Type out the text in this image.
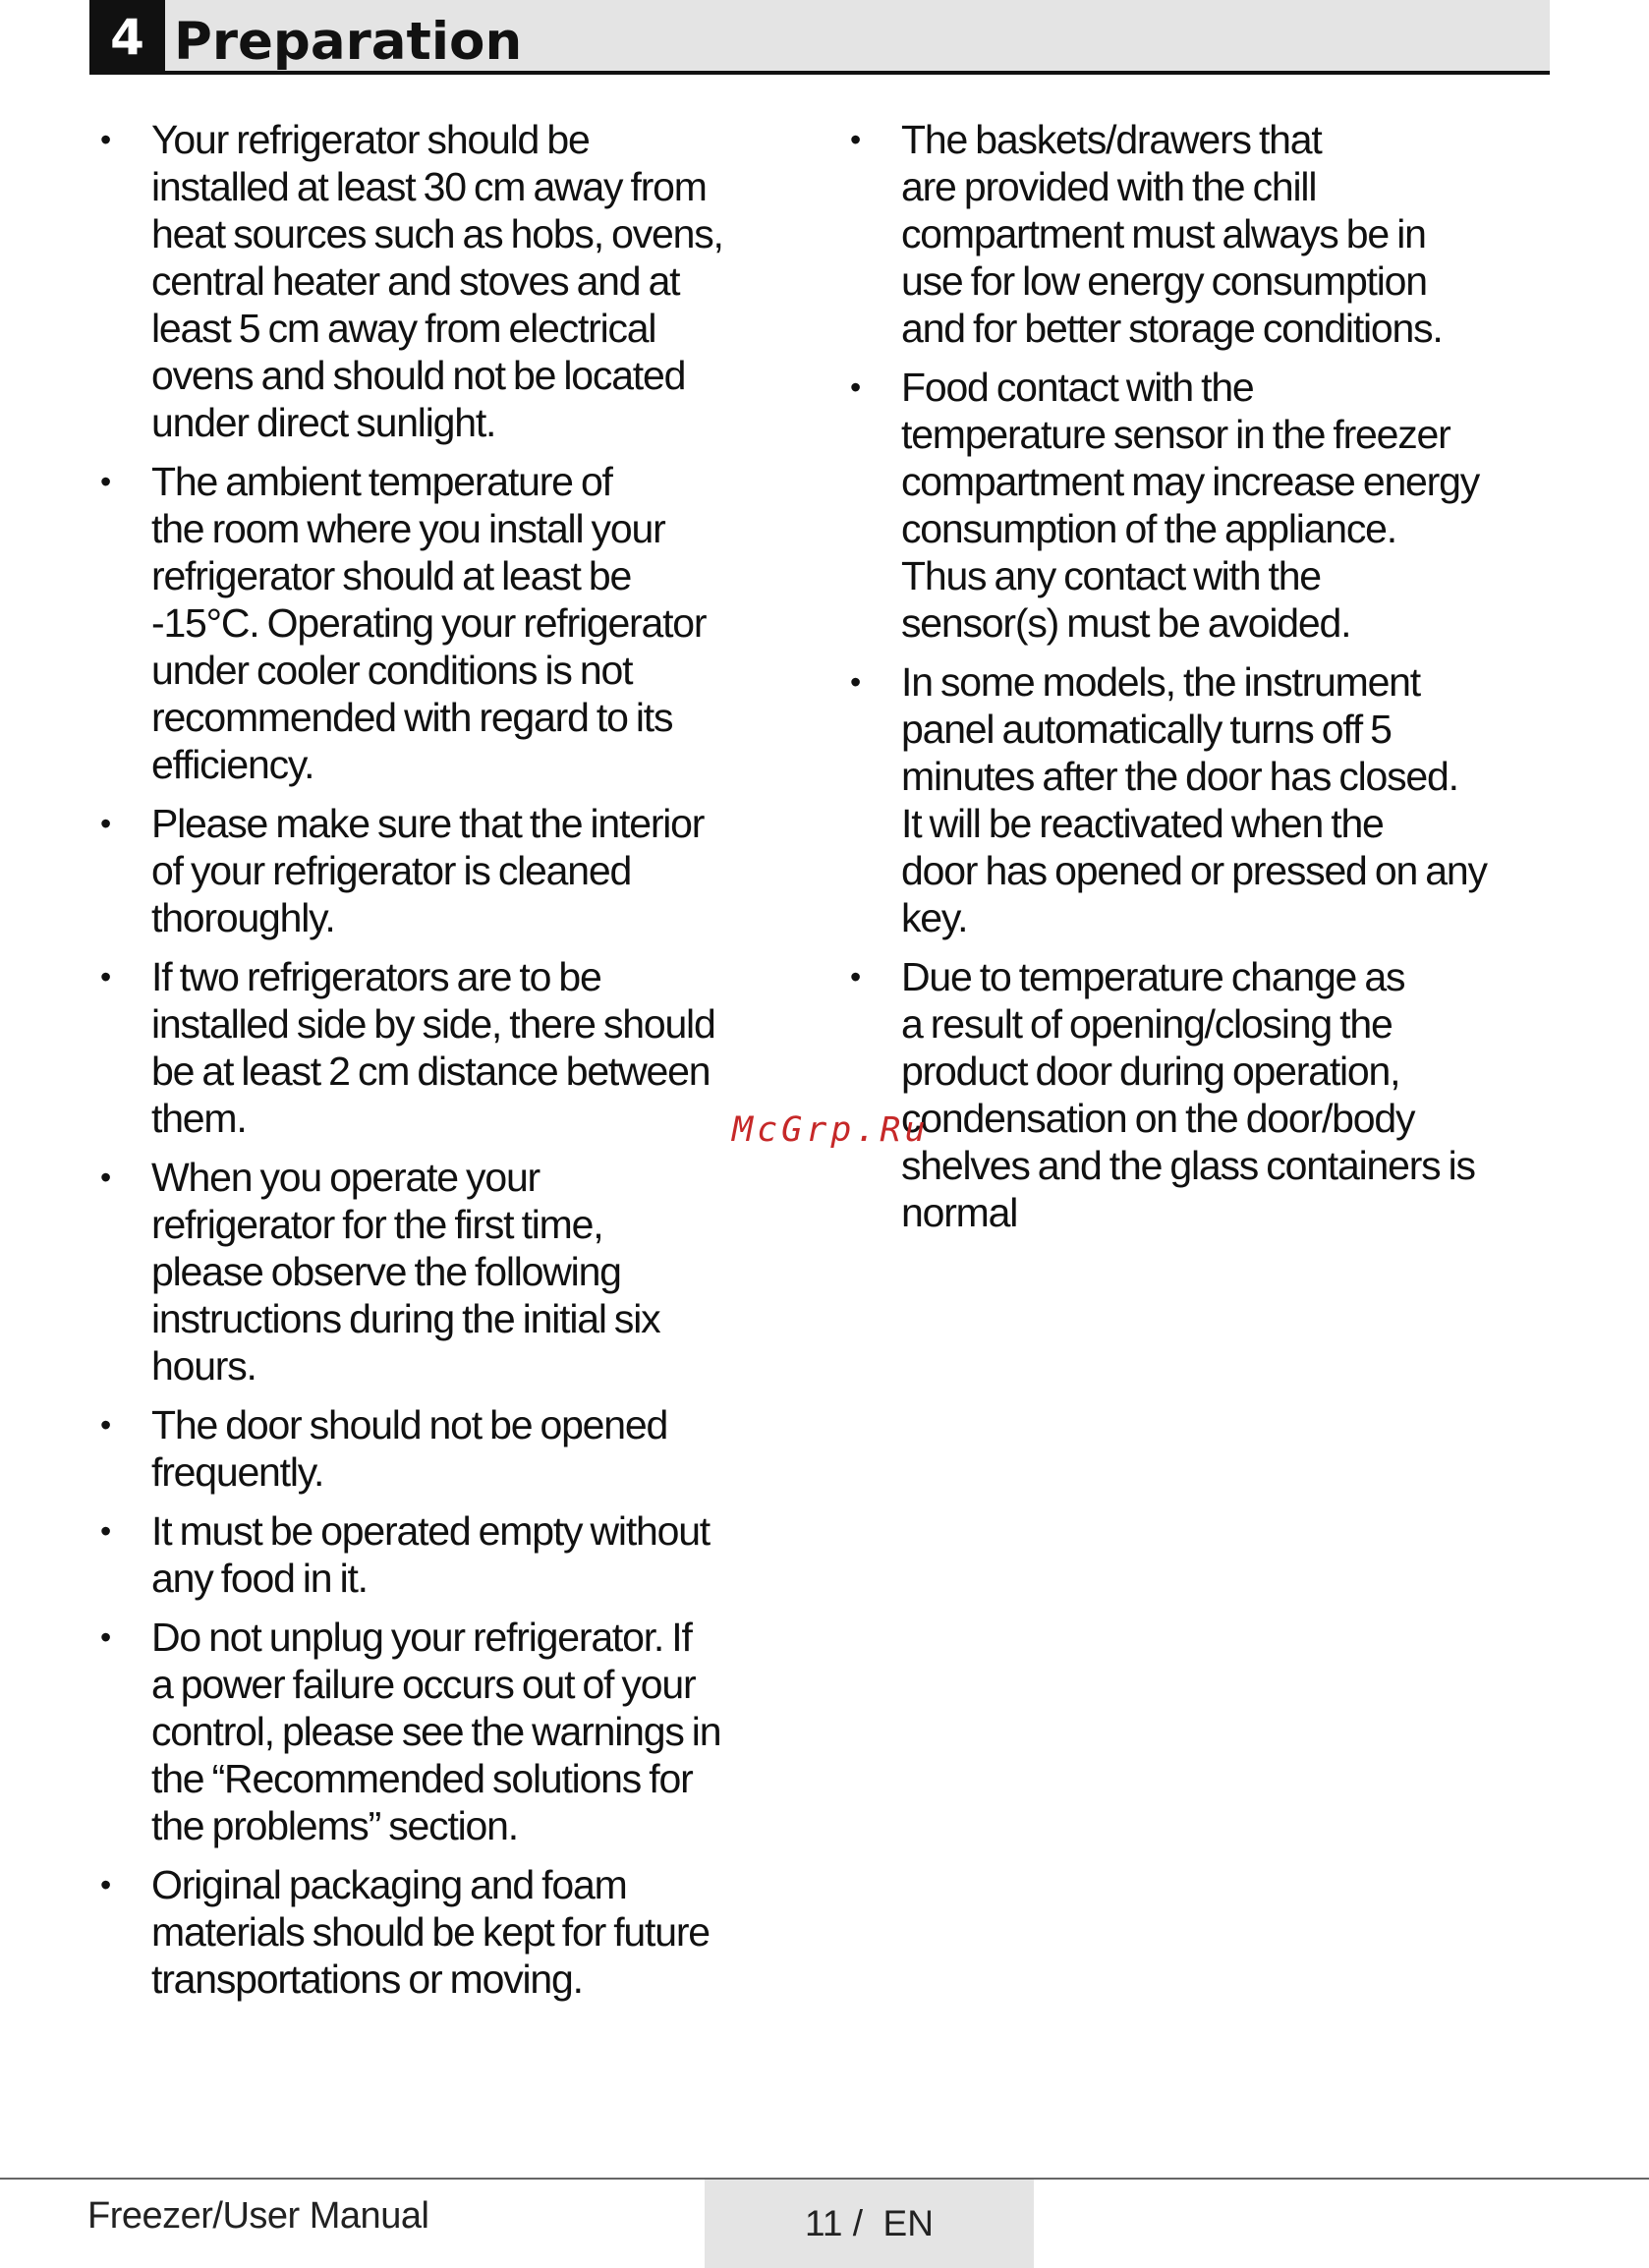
4 Preparation
• Your refrigerator should be
installed at least 30 cm away from
heat sources such as hobs, ovens,
central heater and stoves and at
least 5 cm away from electrical
ovens and should not be located
under direct sunlight.
• The ambient temperature of
the room where you install your
refrigerator should at least be
-15°C. Operating your refrigerator
under cooler conditions is not
recommended with regard to its
efficiency.
• Please make sure that the interior
of your refrigerator is cleaned
thoroughly.
• If two refrigerators are to be
installed side by side, there should
be at least 2 cm distance between
them.
• When you operate your
refrigerator for the first time,
please observe the following
instructions during the initial six
hours.
• The door should not be opened
frequently.
• It must be operated empty without
any food in it.
• Do not unplug your refrigerator. If
a power failure occurs out of your
control, please see the warnings in
the “Recommended solutions for
the problems” section.
• Original packaging and foam
materials should be kept for future
transportations or moving.
• The baskets/drawers that
are provided with the chill
compartment must always be in
use for low energy consumption
and for better storage conditions.
• Food contact with the
temperature sensor in the freezer
compartment may increase energy
consumption of the appliance.
Thus any contact with the
sensor(s) must be avoided.
• In some models, the instrument
panel automatically turns off 5
minutes after the door has closed.
It will be reactivated when the
door has opened or pressed on any
key.
• Due to temperature change as
a result of opening/closing the
product door during operation,
condensation on the door/body
shelves and the glass containers is
normal
McGrp.Ru
Freezer/User Manual	11 /  EN
